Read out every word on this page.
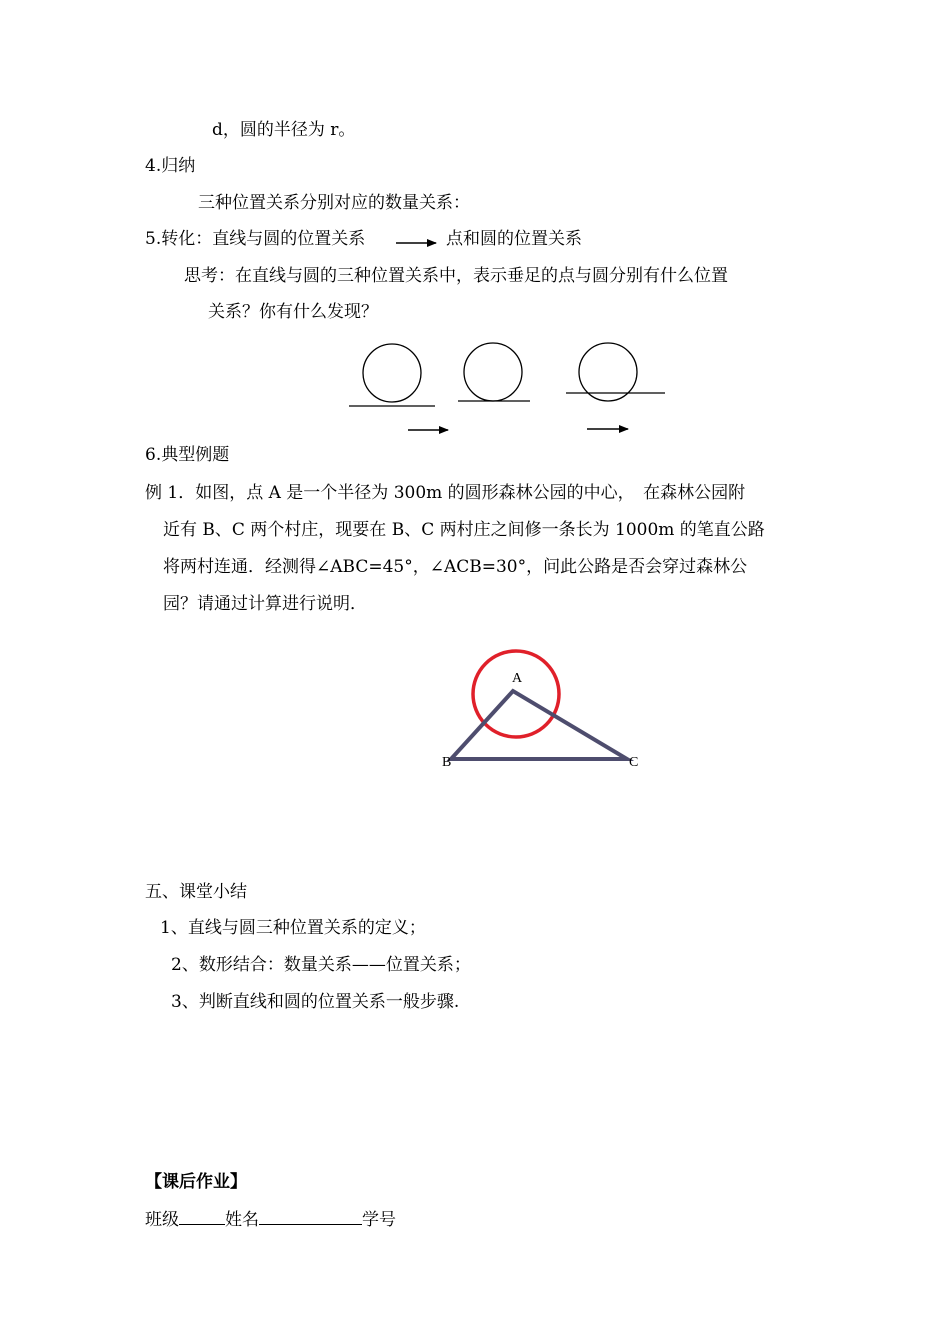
d，圆的半径为 r。
4.归纳
三种位置关系分别对应的数量关系：
5.转化：直线与圆的位置关系	点和圆的位置关系
思考：在直线与圆的三种位置关系中，表示垂足的点与圆分别有什么位置
关系？你有什么发现？
6.典型例题
例 1．如图，点 A 是一个半径为 300m 的圆形森林公园的中心，　在森林公园附
近有 B、C 两个村庄，现要在 B、C 两村庄之间修一条长为 1000m 的笔直公路
将两村连通．经测得∠ABC=45°，∠ACB=30°，问此公路是否会穿过森林公
园？请通过计算进行说明．
五、课堂小结
1、直线与圆三种位置关系的定义；
2、数形结合：数量关系——位置关系；
3、判断直线和圆的位置关系一般步骤.
【课后作业】
班级	姓名	学号
A
B	C
